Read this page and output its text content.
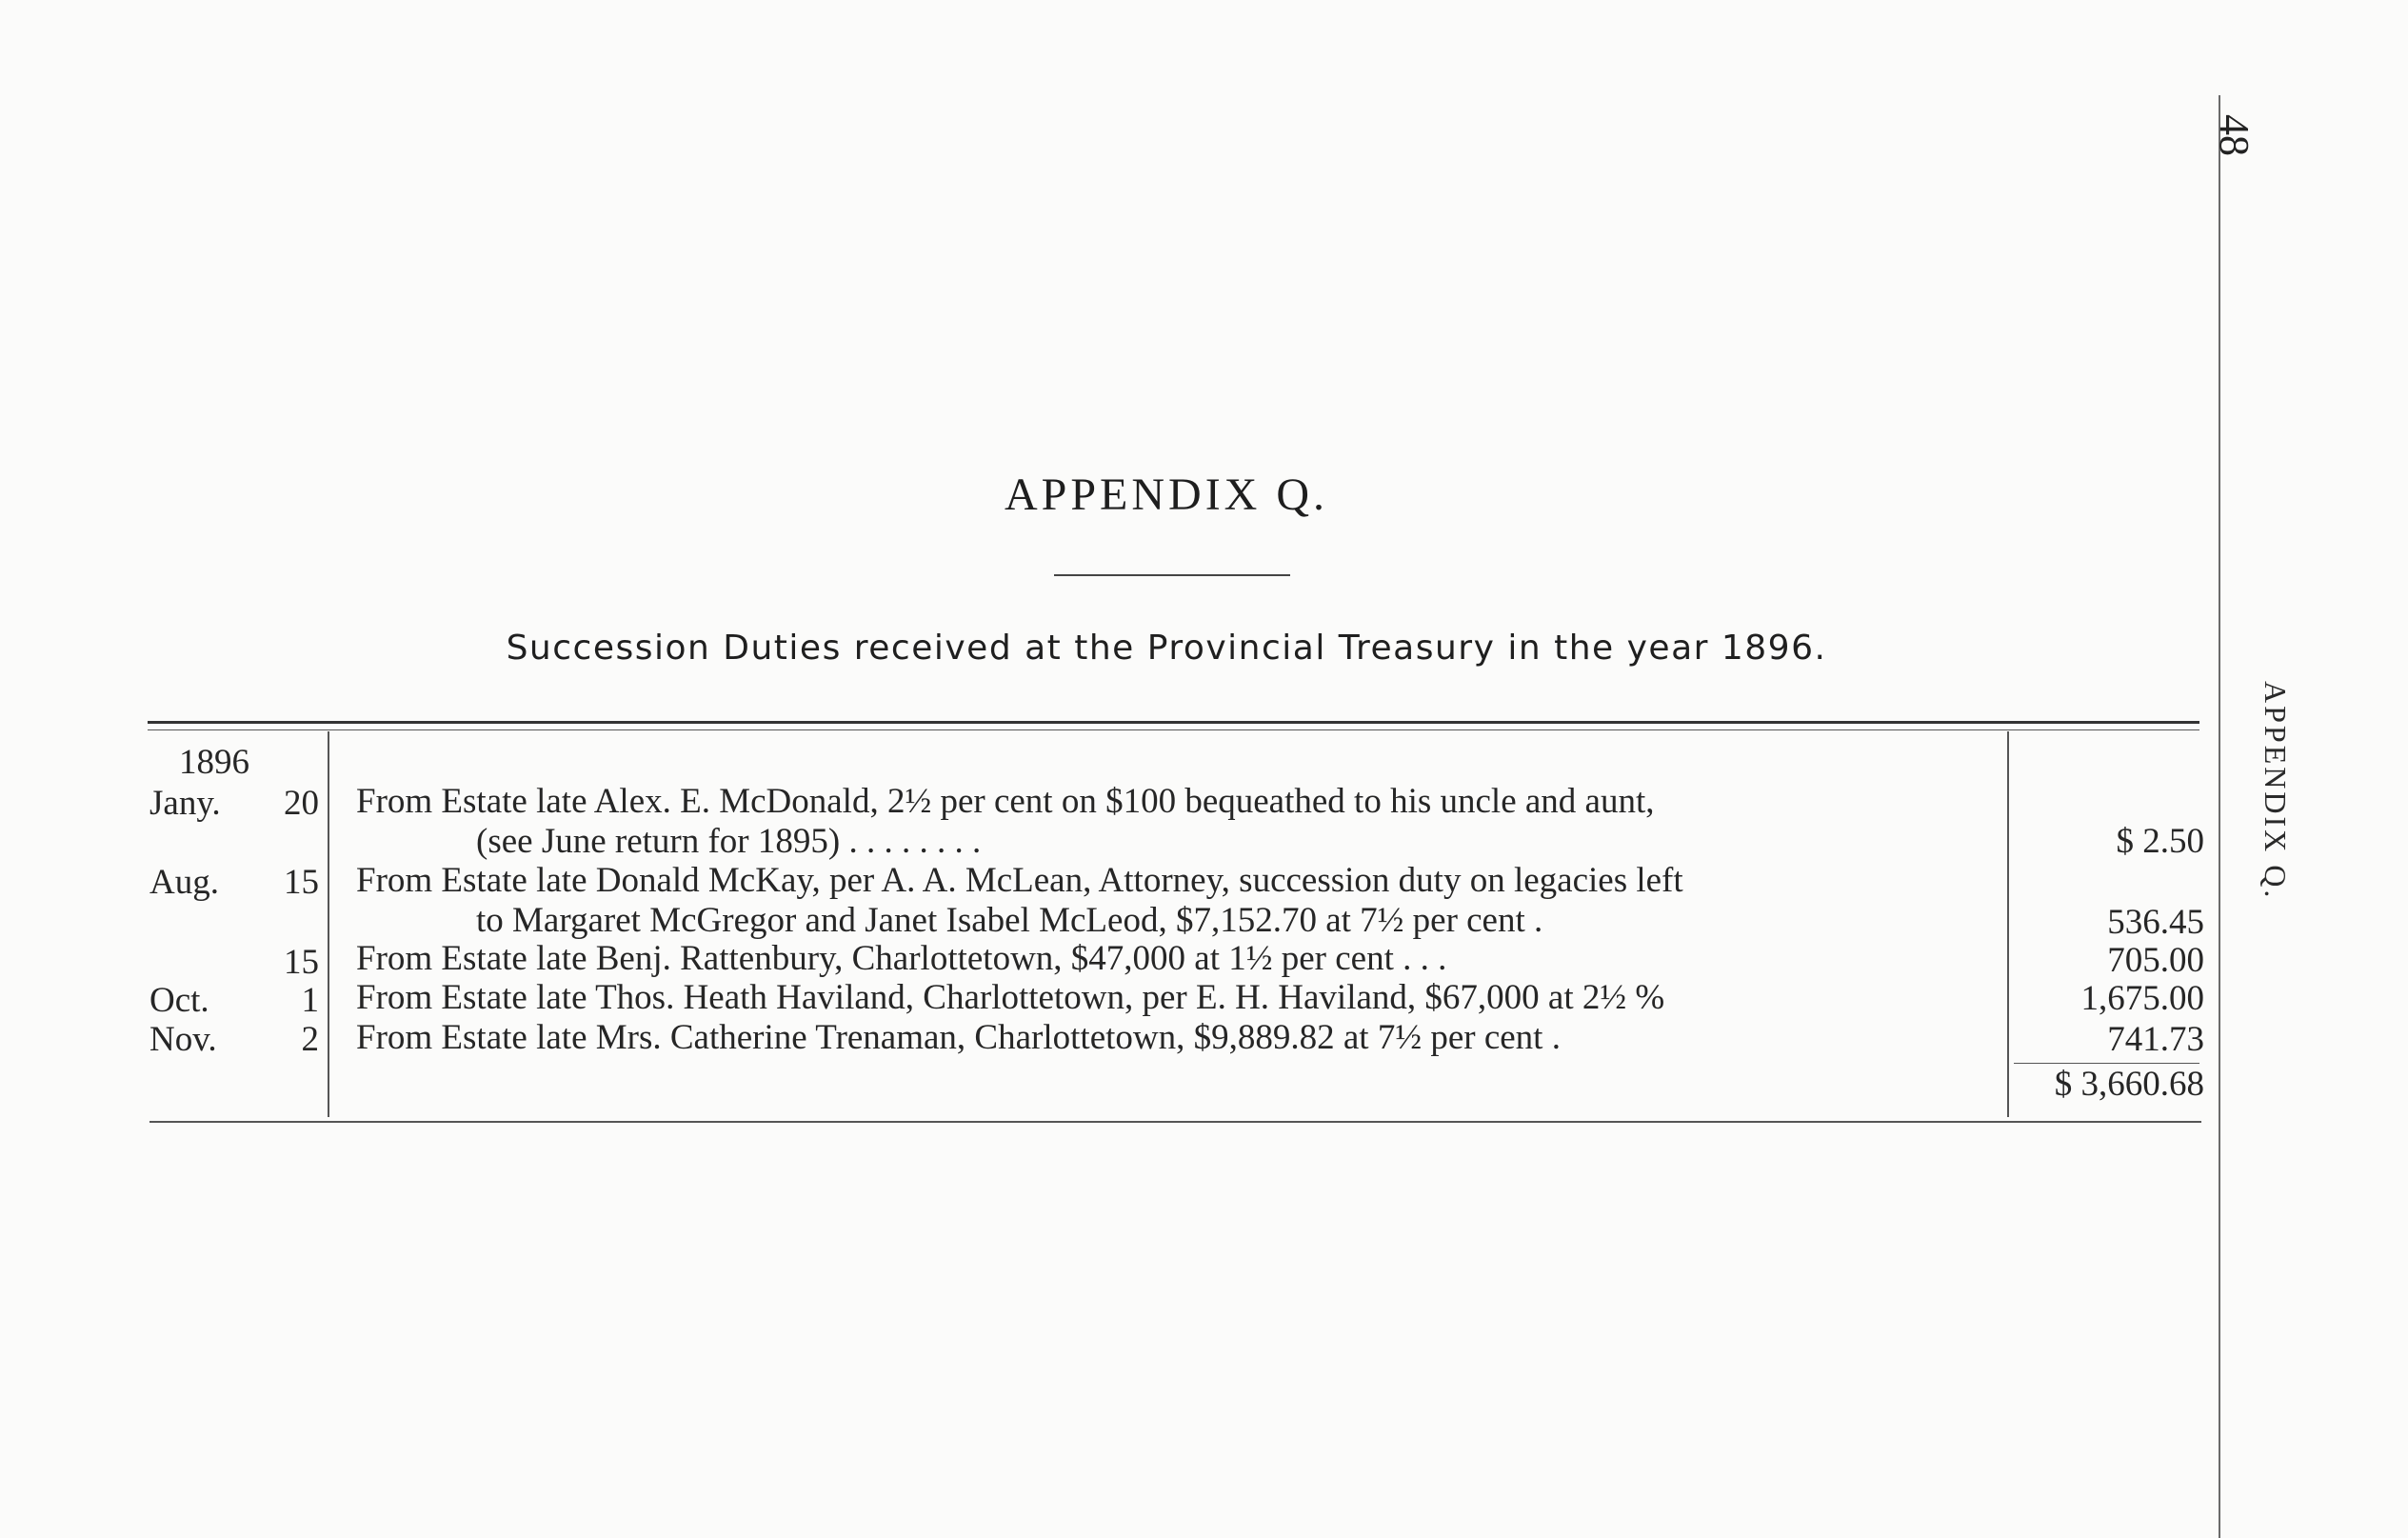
APPENDIX Q.
Succession Duties received at the Provincial Treasury in the year 1896.
1896
Jany.	20 From Estate late Alex. E. McDonald, 2½ per cent on $100 bequeathed to his uncle and aunt,
(see June return for 1895) . . . . . . . .	$ 2.50
Aug.	15 From Estate late Donald McKay, per A. A. McLean, Attorney, succession duty on legacies left
to Margaret McGregor and Janet Isabel McLeod, $7,152.70 at 7½ per cent .	536.45
15 From Estate late Benj. Rattenbury, Charlottetown, $47,000 at 1½ per cent . . .	705.00
Oct.	1 From Estate late Thos. Heath Haviland, Charlottetown, per E. H. Haviland, $67,000 at 2½ %	1,675.00
Nov.	2 From Estate late Mrs. Catherine Trenaman, Charlottetown, $9,889.82 at 7½ per cent .	741.73
$ 3,660.68
48
APPENDIX Q.
